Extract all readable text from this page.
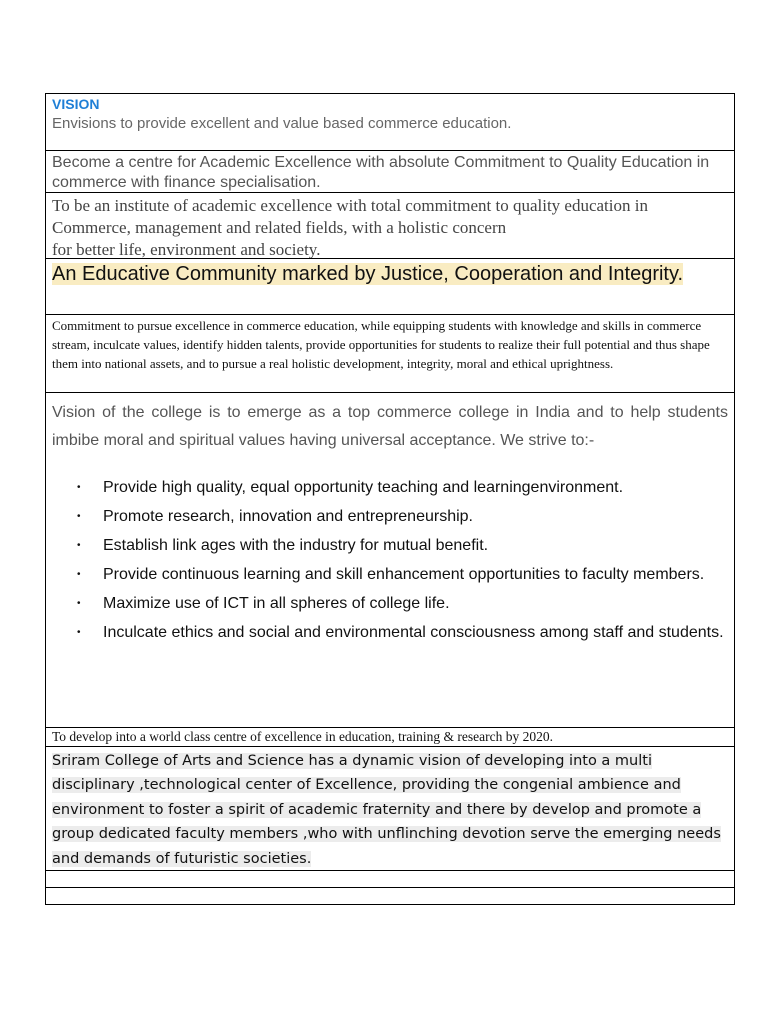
VISION
Envisions to provide excellent and value based commerce education.
Become a centre for Academic Excellence with absolute Commitment to Quality Education in commerce with finance specialisation.
To be an institute of academic excellence with total commitment to quality education in
Commerce, management and related fields, with a holistic concern
for better life, environment and society.
An Educative Community marked by Justice, Cooperation and Integrity.
Commitment to pursue excellence in commerce education, while equipping students with knowledge and skills in commerce stream, inculcate values, identify hidden talents, provide opportunities for students to realize their full potential and thus shape them into national assets, and to pursue a real holistic development, integrity, moral and ethical uprightness.
Vision of the college is to emerge as a top commerce college in India and to help students imbibe moral and spiritual values having universal acceptance. We strive to:-
• Provide high quality, equal opportunity teaching and learningenvironment.
• Promote research, innovation and entrepreneurship.
• Establish link ages with the industry for mutual benefit.
• Provide continuous learning and skill enhancement opportunities to faculty members.
• Maximize use of ICT in all spheres of college life.
• Inculcate ethics and social and environmental consciousness among staff and students.
To develop into a world class centre of excellence in education, training & research by 2020.
Sriram College of Arts and Science has a dynamic vision of developing into a multi disciplinary ,technological center of Excellence, providing the congenial ambience and environment to foster a spirit of academic fraternity and there by develop and promote a group dedicated faculty members ,who with unflinching devotion serve the emerging needs and demands of futuristic societies.
